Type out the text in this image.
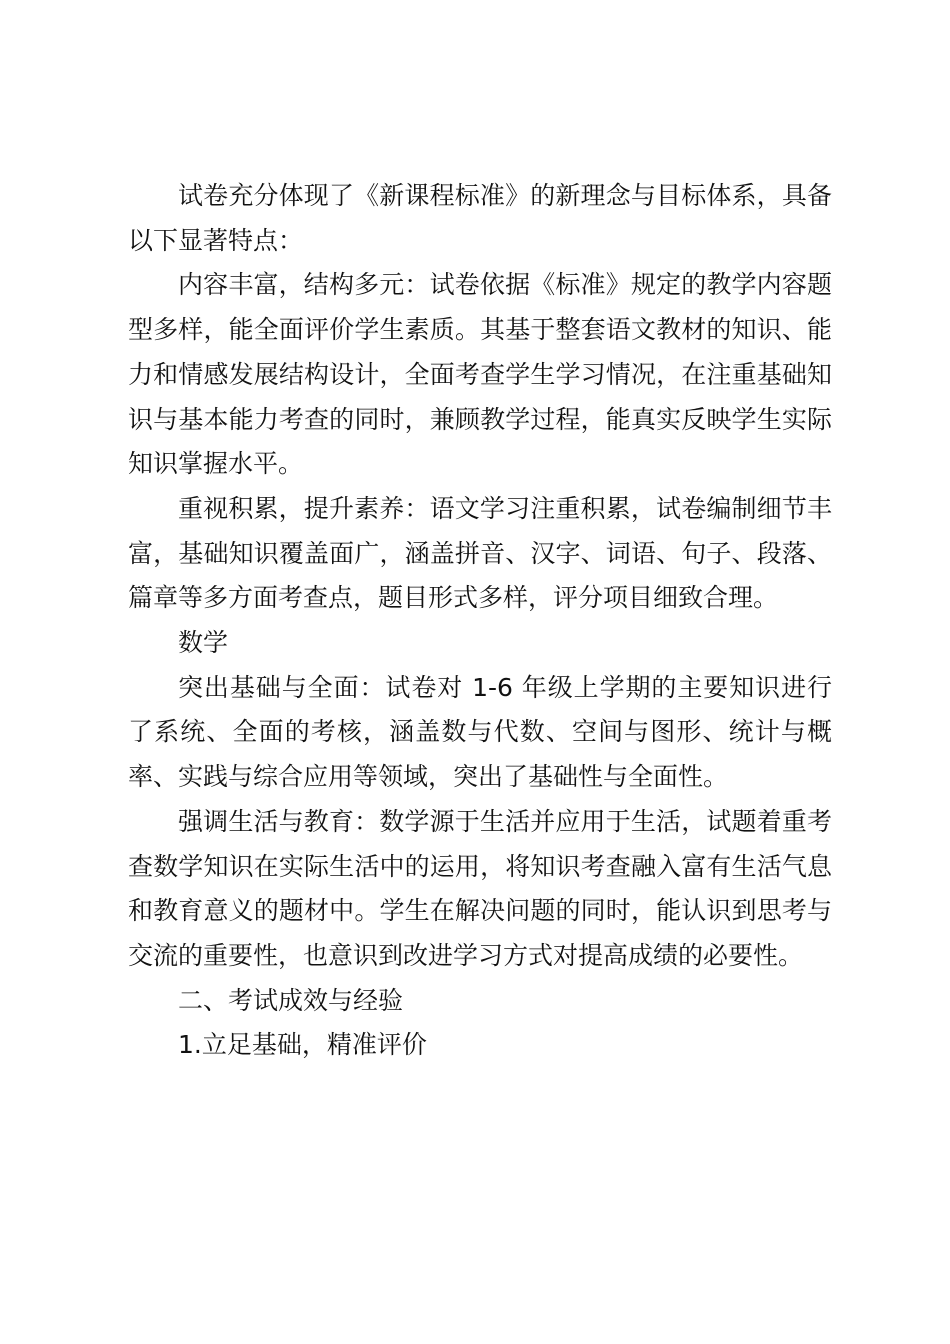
试卷充分体现了《新课程标准》的新理念与目标体系，具备以下显著特点：

内容丰富，结构多元：试卷依据《标准》规定的教学内容题型多样，能全面评价学生素质。其基于整套语文教材的知识、能力和情感发展结构设计，全面考查学生学习情况，在注重基础知识与基本能力考查的同时，兼顾教学过程，能真实反映学生实际知识掌握水平。

重视积累，提升素养：语文学习注重积累，试卷编制细节丰富，基础知识覆盖面广，涵盖拼音、汉字、词语、句子、段落、篇章等多方面考查点，题目形式多样，评分项目细致合理。

数学

突出基础与全面：试卷对 1-6 年级上学期的主要知识进行了系统、全面的考核，涵盖数与代数、空间与图形、统计与概率、实践与综合应用等领域，突出了基础性与全面性。

强调生活与教育：数学源于生活并应用于生活，试题着重考查数学知识在实际生活中的运用，将知识考查融入富有生活气息和教育意义的题材中。学生在解决问题的同时，能认识到思考与交流的重要性，也意识到改进学习方式对提高成绩的必要性。

二、考试成效与经验

1.立足基础，精准评价
